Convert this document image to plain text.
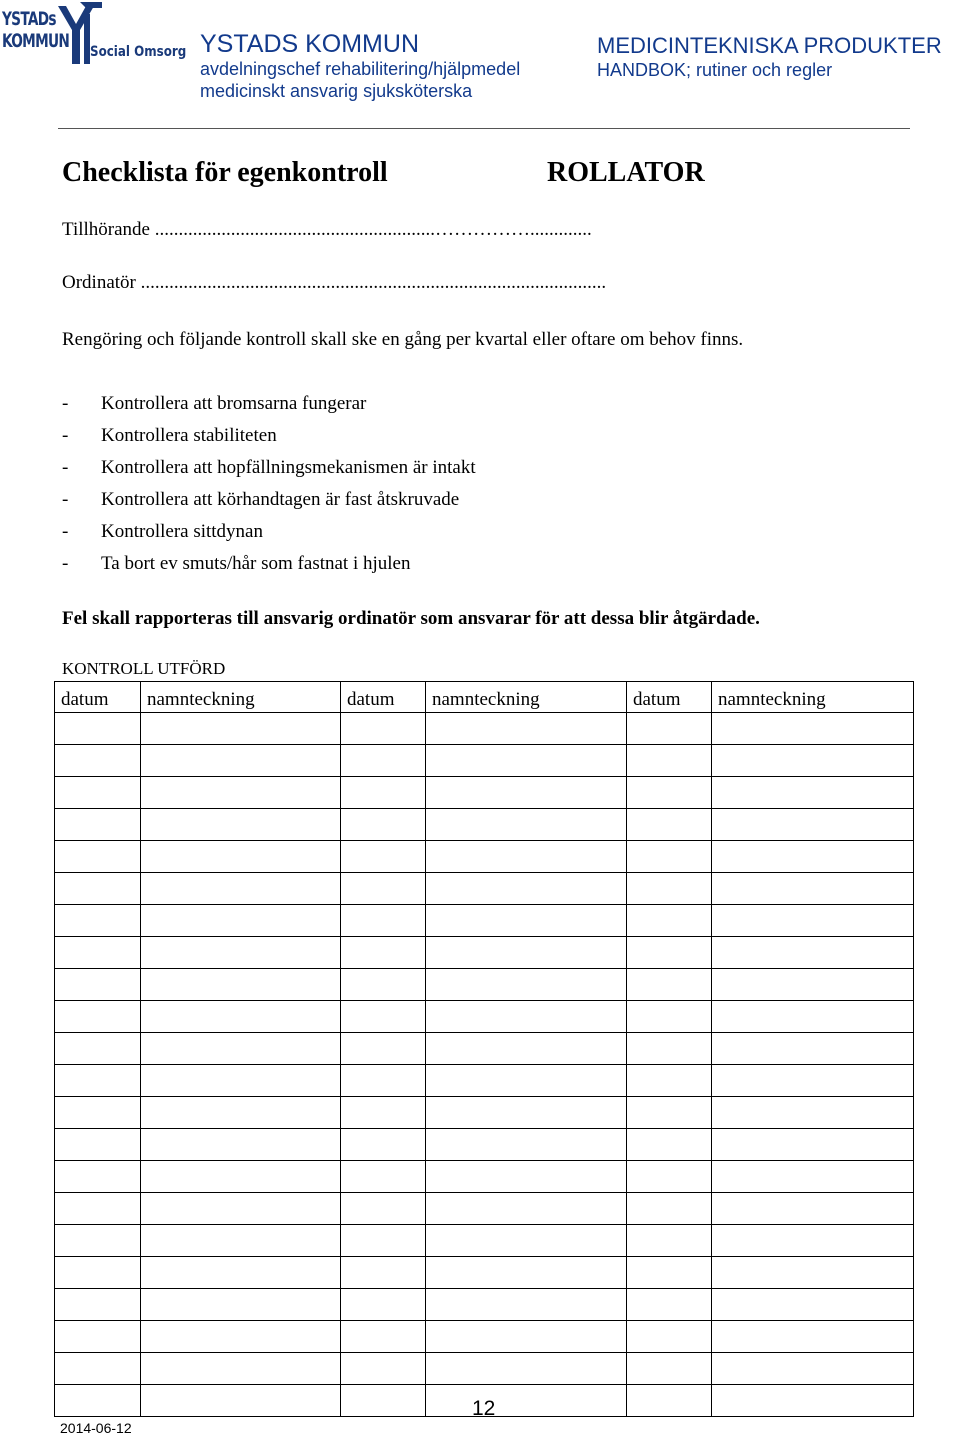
YSTADs
KOMMUN Social Omsorg YSTADS KOMMUN
avdelningschef rehabilitering/hjälpmedel
medicinskt ansvarig sjuksköterska
MEDICINTEKNISKA PRODUKTER
HANDBOK; rutiner och regler
Checklista för egenkontroll	ROLLATOR
Tillhörande ...........................................................…………….............
Ordinatör ..................................................................................................
Rengöring och följande kontroll skall ske en gång per kvartal eller oftare om behov finns.
- Kontrollera att bromsarna fungerar
- Kontrollera stabiliteten
- Kontrollera att hopfällningsmekanismen är intakt
- Kontrollera att körhandtagen är fast åtskruvade
- Kontrollera sittdynan
- Ta bort ev smuts/hår som fastnat i hjulen
Fel skall rapporteras till ansvarig ordinatör som ansvarar för att dessa blir åtgärdade.
KONTROLL UTFÖRD
datum	namnteckning	datum	namnteckning	datum	namnteckning

12
2014-06-12
